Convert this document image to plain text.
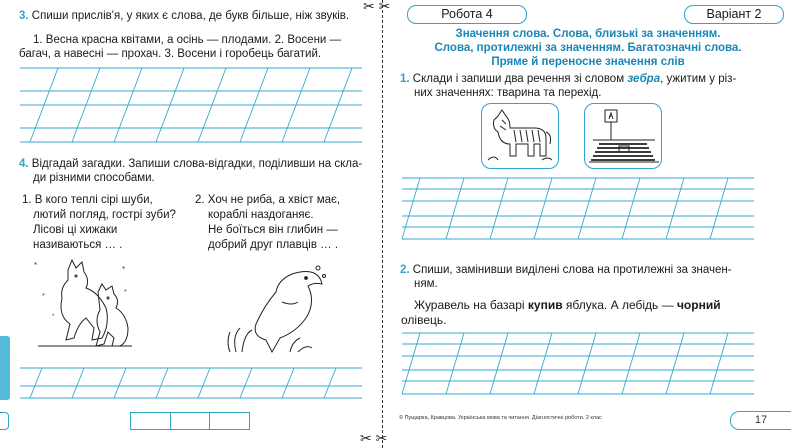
✂ ✂
✂ ✂
3. Спиши прислів'я, у яких є слова, де букв більше, ніж звуків.
1. Весна красна квітами, а осінь — плодами. 2. Восени —
багач, а навесні — прохач. 3. Восени і горобець багатий.
4. Відгадай загадки. Запиши слова-відгадки, поділивши на скла-
ди різними способами.
1. В кого теплі сірі шуби,
лютий погляд, гострі зуби?
Лісові ці хижаки
називаються … .
2. Хоч не риба, а хвіст має,
кораблі наздоганяє.
Не боїться він глибин —
добрий друг плавців … .
*	*
*
*
*
Робота 4	Варіант 2
Значення слова. Слова, близькі за значенням.
Слова, протилежні за значенням. Багатозначні слова.
Пряме й переносне значення слів
1. Склади і запиши два речення зі словом зебра, ужитим у різ-
них значеннях: тварина та перехід.
2. Спиши, замінивши виділені слова на протилежні за значен-
ням.
Журавель на базарі купив яблука. А лебідь — чорний
олівець.
© Пущарка, Кравцова. Українська мова та читання. Діагностичні роботи. 2 клас	17
